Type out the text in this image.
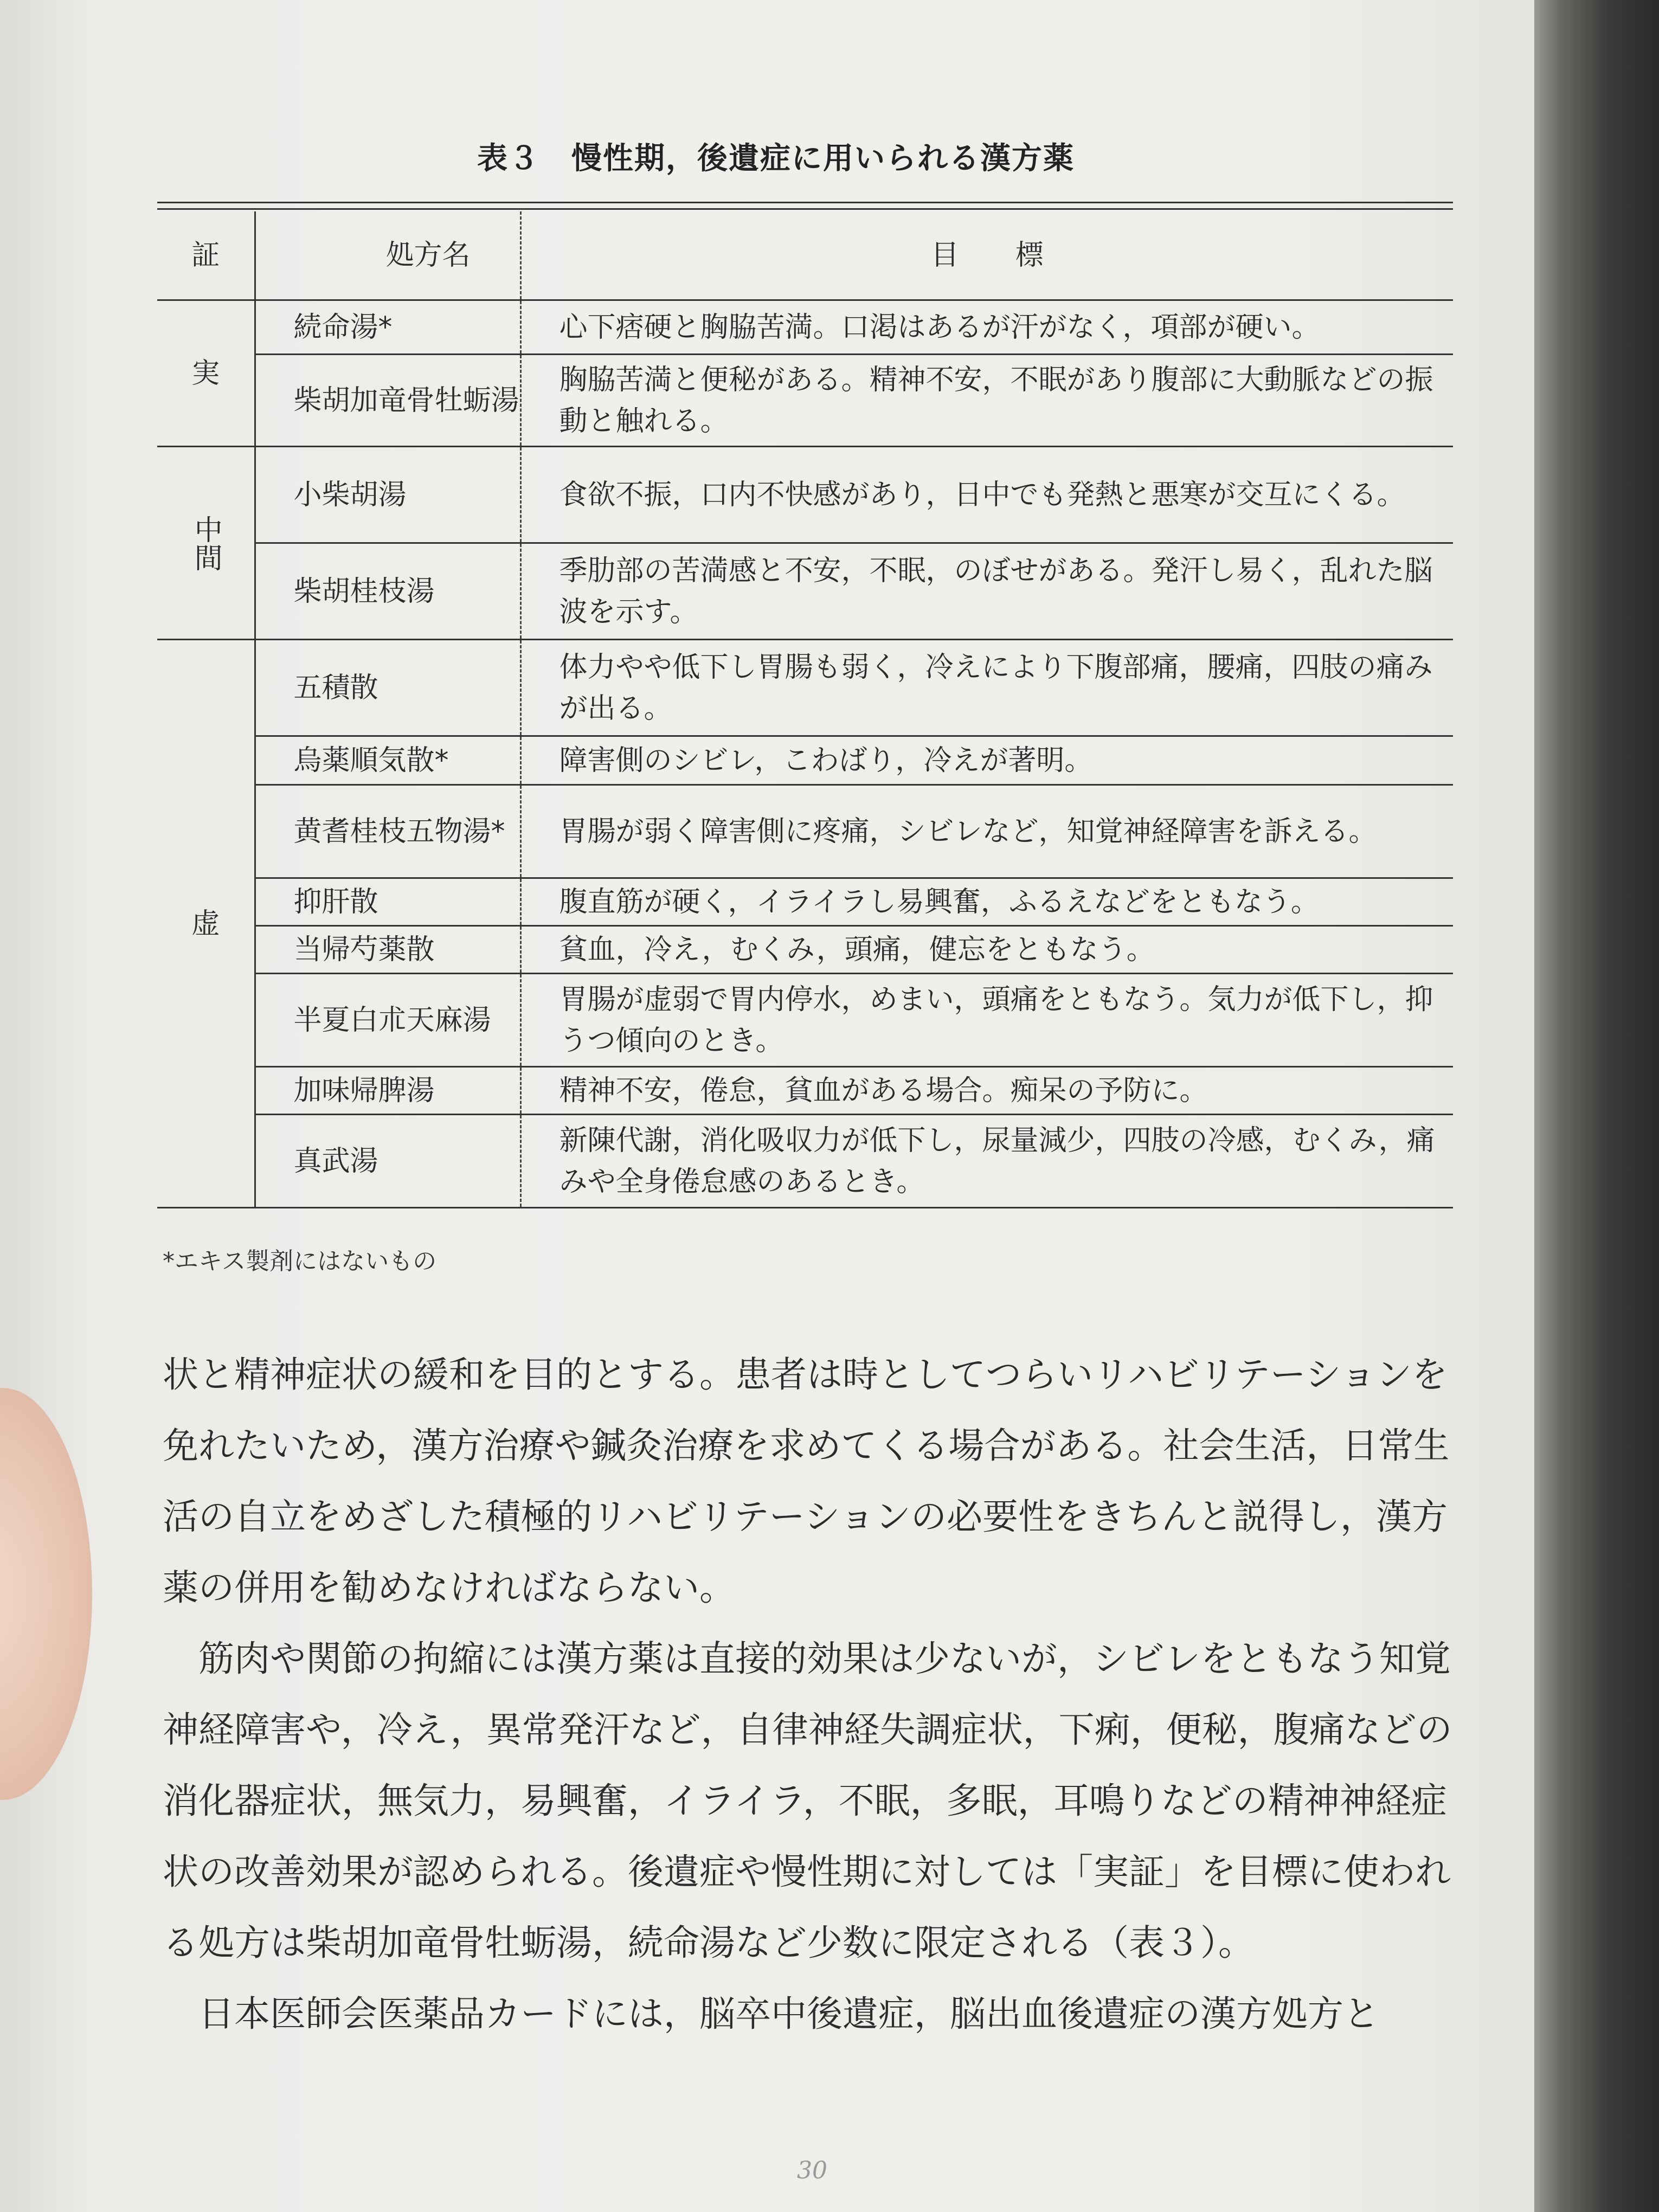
表３　慢性期，後遺症に用いられる漢方薬
証	処方名	目　　標
実	続命湯*	心下痞硬と胸脇苦満。口渇はあるが汗がなく，項部が硬い。
	柴胡加竜骨牡蛎湯	胸脇苦満と便秘がある。精神不安，不眠があり腹部に大動脈などの振動と触れる。
中間	小柴胡湯	食欲不振，口内不快感があり，日中でも発熱と悪寒が交互にくる。
	柴胡桂枝湯	季肋部の苦満感と不安，不眠，のぼせがある。発汗し易く，乱れた脳波を示す。
虚	五積散	体力やや低下し胃腸も弱く，冷えにより下腹部痛，腰痛，四肢の痛みが出る。
	烏薬順気散*	障害側のシビレ，こわばり，冷えが著明。
	黄耆桂枝五物湯*	胃腸が弱く障害側に疼痛，シビレなど，知覚神経障害を訴える。
	抑肝散	腹直筋が硬く，イライラし易興奮，ふるえなどをともなう。
	当帰芍薬散	貧血，冷え，むくみ，頭痛，健忘をともなう。
	半夏白朮天麻湯	胃腸が虚弱で胃内停水，めまい，頭痛をともなう。気力が低下し，抑うつ傾向のとき。
	加味帰脾湯	精神不安，倦怠，貧血がある場合。痴呆の予防に。
	真武湯	新陳代謝，消化吸収力が低下し，尿量減少，四肢の冷感，むくみ，痛みや全身倦怠感のあるとき。
*エキス製剤にはないもの

状と精神症状の緩和を目的とする。患者は時としてつらいリハビリテーションを免れたいため，漢方治療や鍼灸治療を求めてくる場合がある。社会生活，日常生活の自立をめざした積極的リハビリテーションの必要性をきちんと説得し，漢方薬の併用を勧めなければならない。

筋肉や関節の拘縮には漢方薬は直接的効果は少ないが，シビレをともなう知覚神経障害や，冷え，異常発汗など，自律神経失調症状，下痢，便秘，腹痛などの消化器症状，無気力，易興奮，イライラ，不眠，多眠，耳鳴りなどの精神神経症状の改善効果が認められる。後遺症や慢性期に対しては「実証」を目標に使われる処方は柴胡加竜骨牡蛎湯，続命湯など少数に限定される（表３）。

日本医師会医薬品カードには，脳卒中後遺症，脳出血後遺症の漢方処方と

30
